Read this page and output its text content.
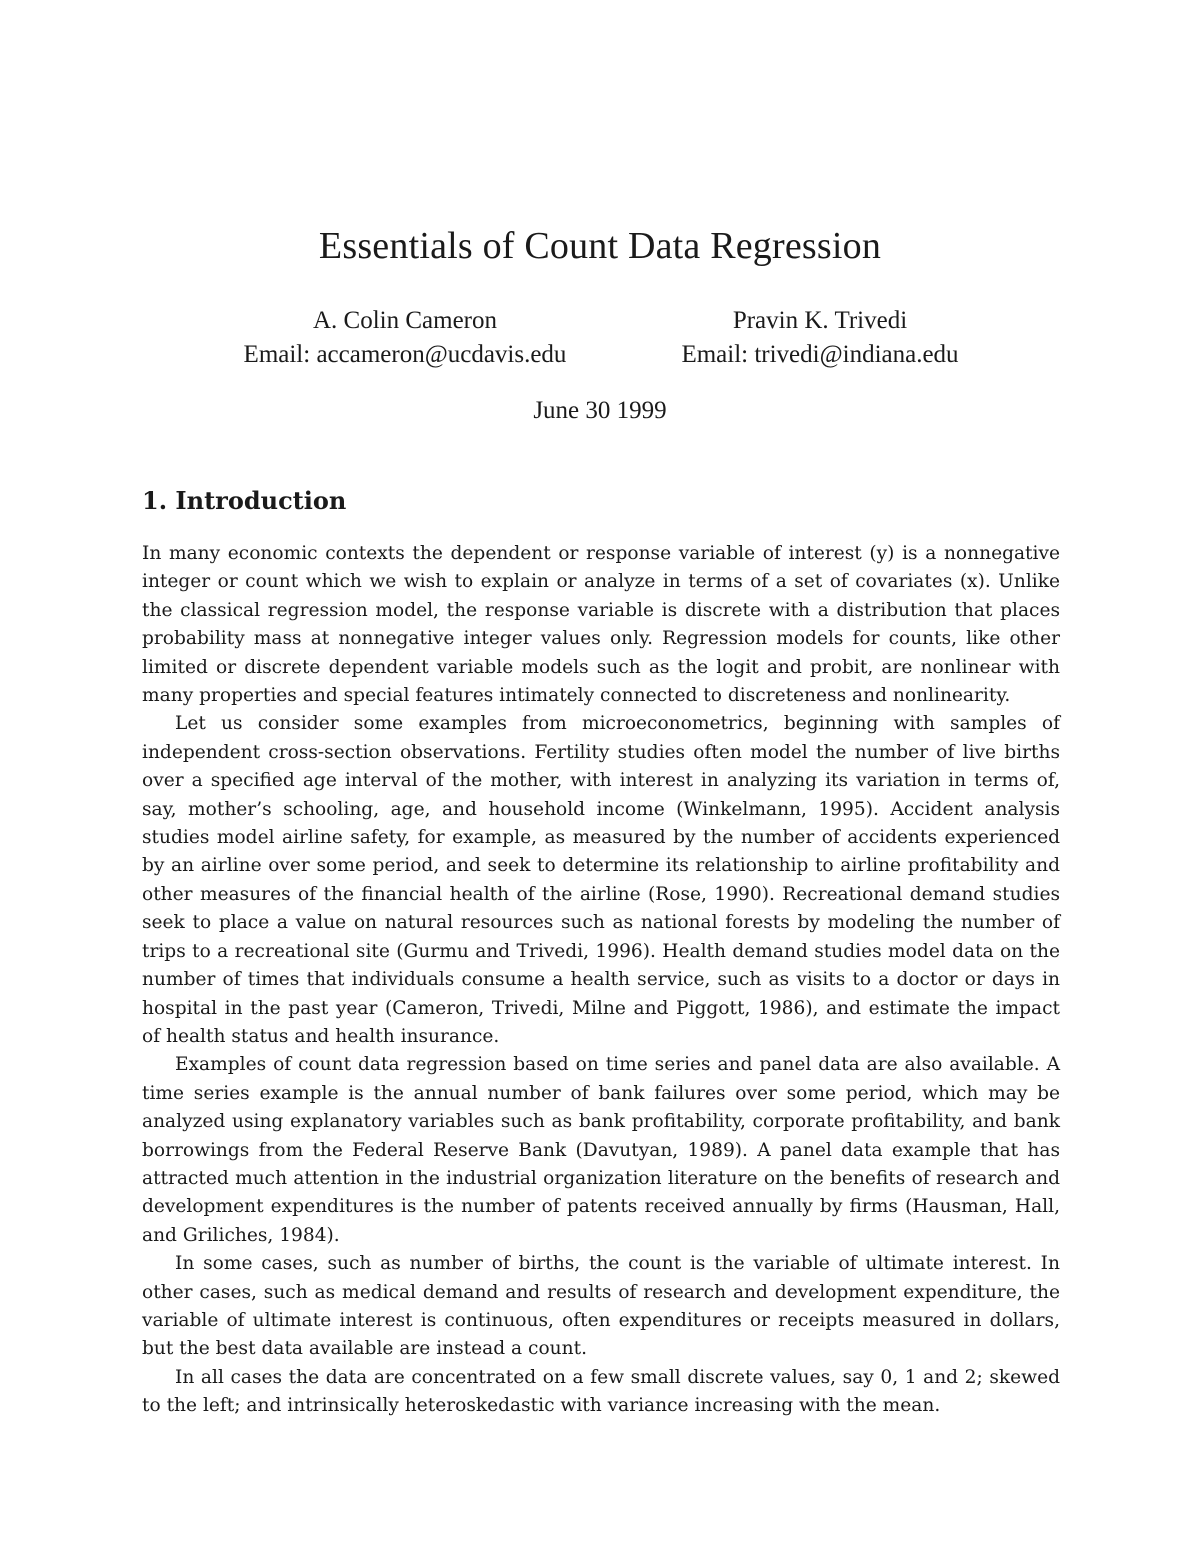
Essentials of Count Data Regression
A. Colin Cameron
Email: accameron@ucdavis.edu
Pravin K. Trivedi
Email: trivedi@indiana.edu
June 30 1999
1. Introduction

In many economic contexts the dependent or response variable of interest (y) is a nonnegative integer or count which we wish to explain or analyze in terms of a set of covariates (x). Unlike the classical regression model, the response variable is discrete with a distribution that places probability mass at nonnegative integer values only. Regression models for counts, like other limited or discrete dependent variable models such as the logit and probit, are nonlinear with many properties and special features intimately connected to discreteness and nonlinearity.

Let us consider some examples from microeconometrics, beginning with samples of independent cross-section observations. Fertility studies often model the number of live births over a specified age interval of the mother, with interest in analyzing its variation in terms of, say, mother’s schooling, age, and household income (Winkelmann, 1995). Accident analysis studies model airline safety, for example, as measured by the number of accidents experienced by an airline over some period, and seek to determine its relationship to airline profitability and other measures of the financial health of the airline (Rose, 1990). Recreational demand studies seek to place a value on natural resources such as national forests by modeling the number of trips to a recreational site (Gurmu and Trivedi, 1996). Health demand studies model data on the number of times that individuals consume a health service, such as visits to a doctor or days in hospital in the past year (Cameron, Trivedi, Milne and Piggott, 1986), and estimate the impact of health status and health insurance.

Examples of count data regression based on time series and panel data are also available. A time series example is the annual number of bank failures over some period, which may be analyzed using explanatory variables such as bank profitability, corporate profitability, and bank borrowings from the Federal Reserve Bank (Davutyan, 1989). A panel data example that has attracted much attention in the industrial organization literature on the benefits of research and development expenditures is the number of patents received annually by firms (Hausman, Hall, and Griliches, 1984).

In some cases, such as number of births, the count is the variable of ultimate interest. In other cases, such as medical demand and results of research and development expenditure, the variable of ultimate interest is continuous, often expenditures or receipts measured in dollars, but the best data available are instead a count.

In all cases the data are concentrated on a few small discrete values, say 0, 1 and 2; skewed to the left; and intrinsically heteroskedastic with variance increasing with the mean.
